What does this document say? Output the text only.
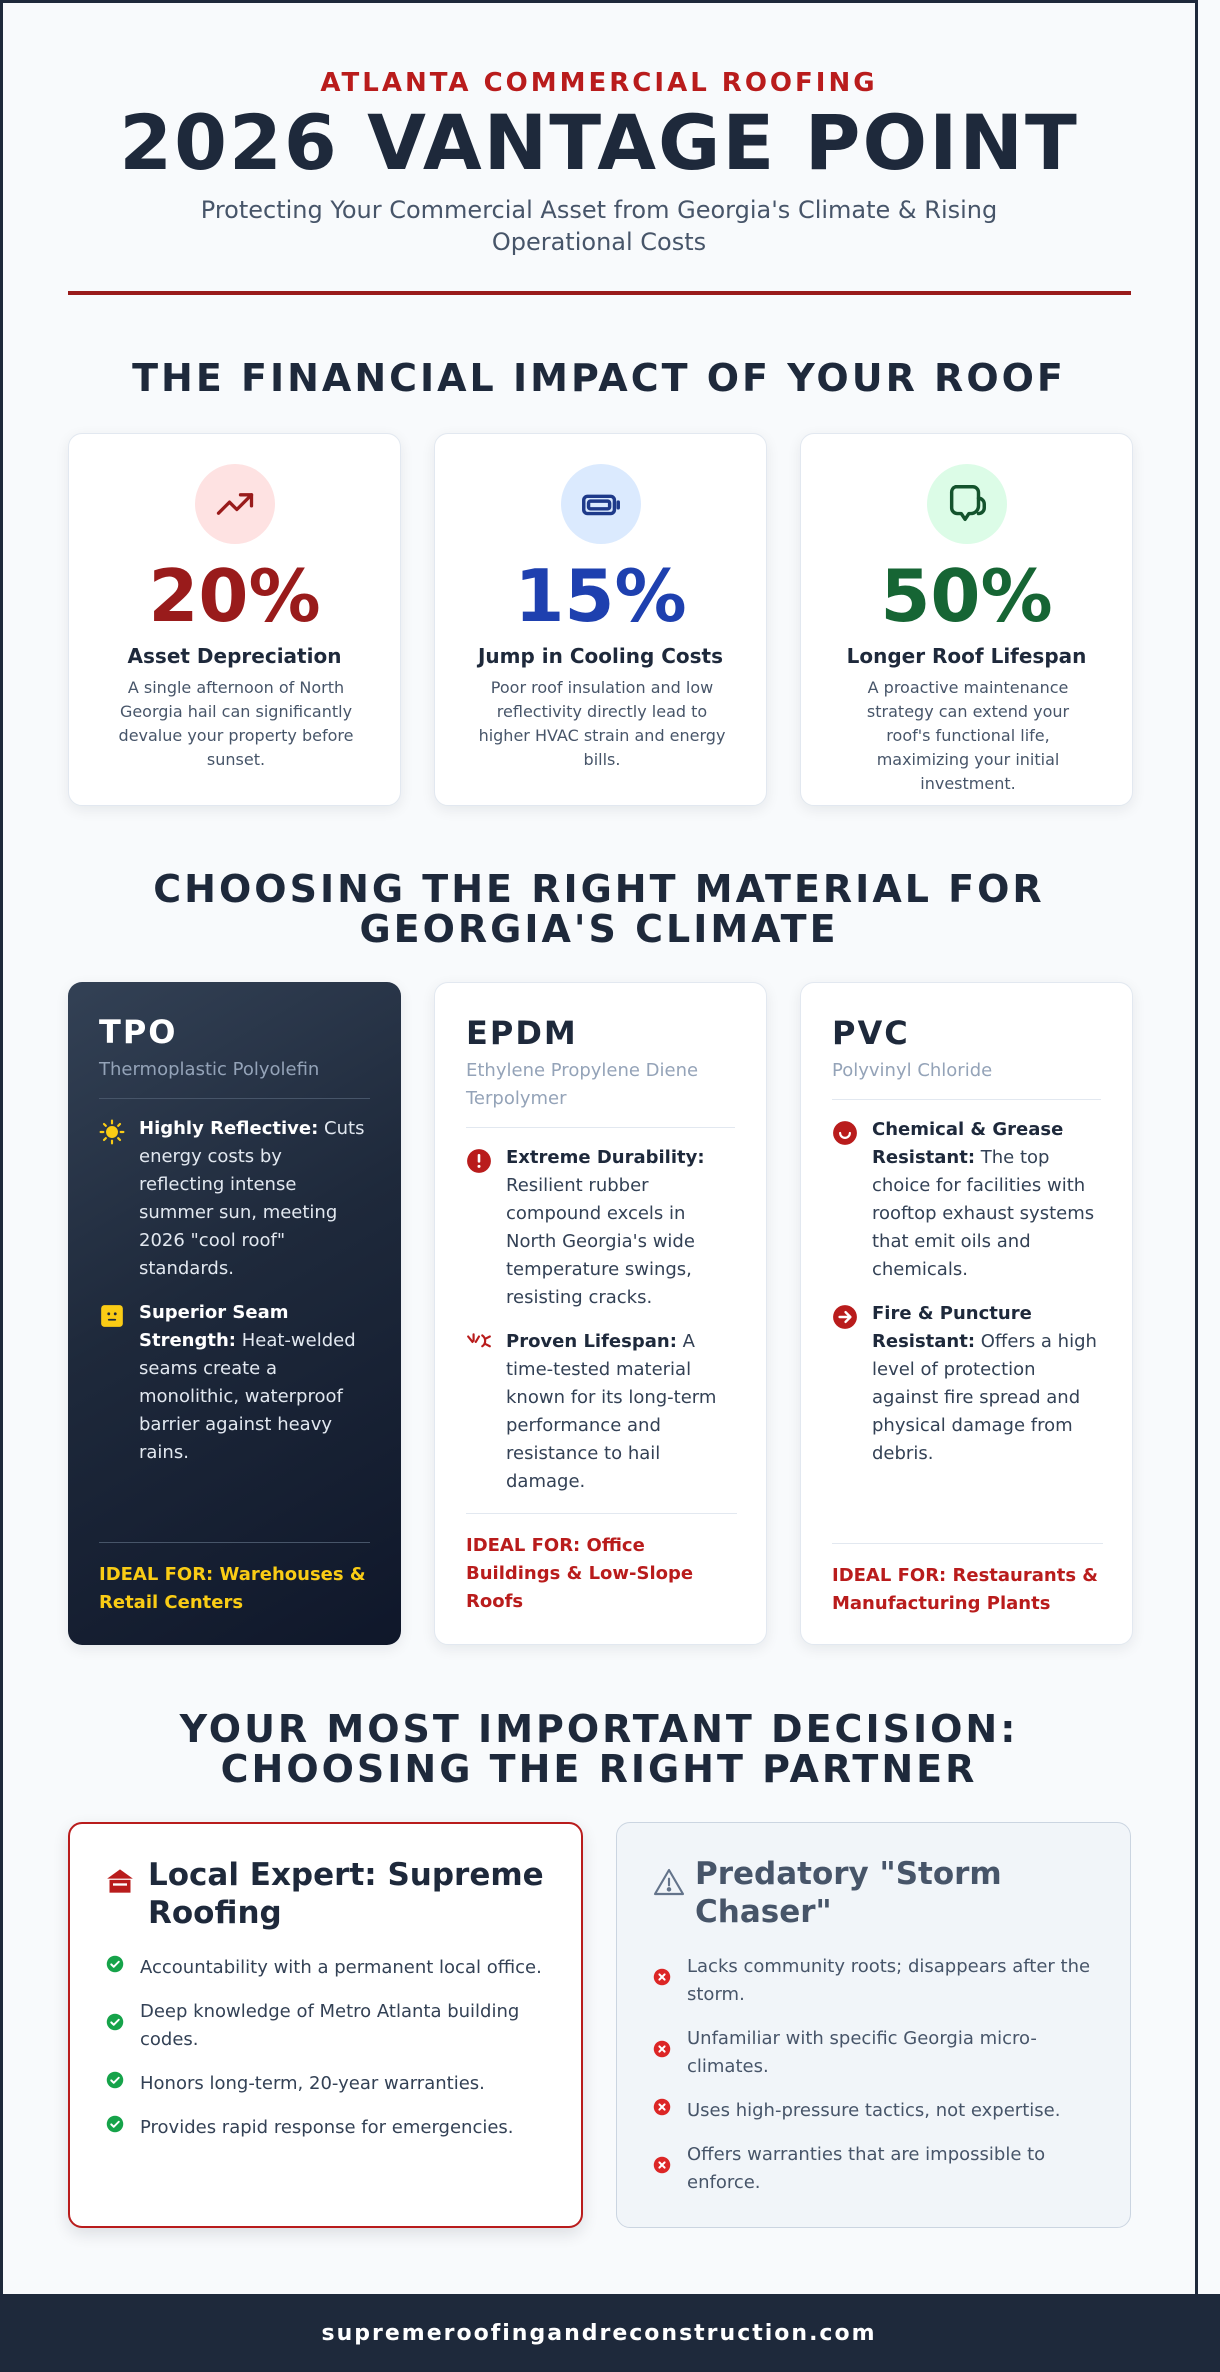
ATLANTA COMMERCIAL ROOFING
2026 VANTAGE POINT
Protecting Your Commercial Asset from Georgia's Climate & Rising Operational Costs
THE FINANCIAL IMPACT OF YOUR ROOF
20%
Asset Depreciation
A single afternoon of North Georgia hail can significantly devalue your property before sunset.
15%
Jump in Cooling Costs
Poor roof insulation and low reflectivity directly lead to higher HVAC strain and energy bills.
50%
Longer Roof Lifespan
A proactive maintenance strategy can extend your roof's functional life, maximizing your initial investment.
CHOOSING THE RIGHT MATERIAL FOR GEORGIA'S CLIMATE
TPO
Thermoplastic Polyolefin
Highly Reflective: Cuts energy costs by reflecting intense summer sun, meeting 2026 "cool roof" standards.
Superior Seam Strength: Heat-welded seams create a monolithic, waterproof barrier against heavy rains.
IDEAL FOR: Warehouses & Retail Centers
EPDM
Ethylene Propylene Diene Terpolymer
Extreme Durability: Resilient rubber compound excels in North Georgia's wide temperature swings, resisting cracks.
Proven Lifespan: A time-tested material known for its long-term performance and resistance to hail damage.
IDEAL FOR: Office Buildings & Low-Slope Roofs
PVC
Polyvinyl Chloride
Chemical & Grease Resistant: The top choice for facilities with rooftop exhaust systems that emit oils and chemicals.
Fire & Puncture Resistant: Offers a high level of protection against fire spread and physical damage from debris.
IDEAL FOR: Restaurants & Manufacturing Plants
YOUR MOST IMPORTANT DECISION: CHOOSING THE RIGHT PARTNER
Local Expert: Supreme Roofing
Accountability with a permanent local office.
Deep knowledge of Metro Atlanta building codes.
Honors long-term, 20-year warranties.
Provides rapid response for emergencies.
Predatory "Storm Chaser"
Lacks community roots; disappears after the storm.
Unfamiliar with specific Georgia micro-climates.
Uses high-pressure tactics, not expertise.
Offers warranties that are impossible to enforce.
supremeroofingandreconstruction.com
